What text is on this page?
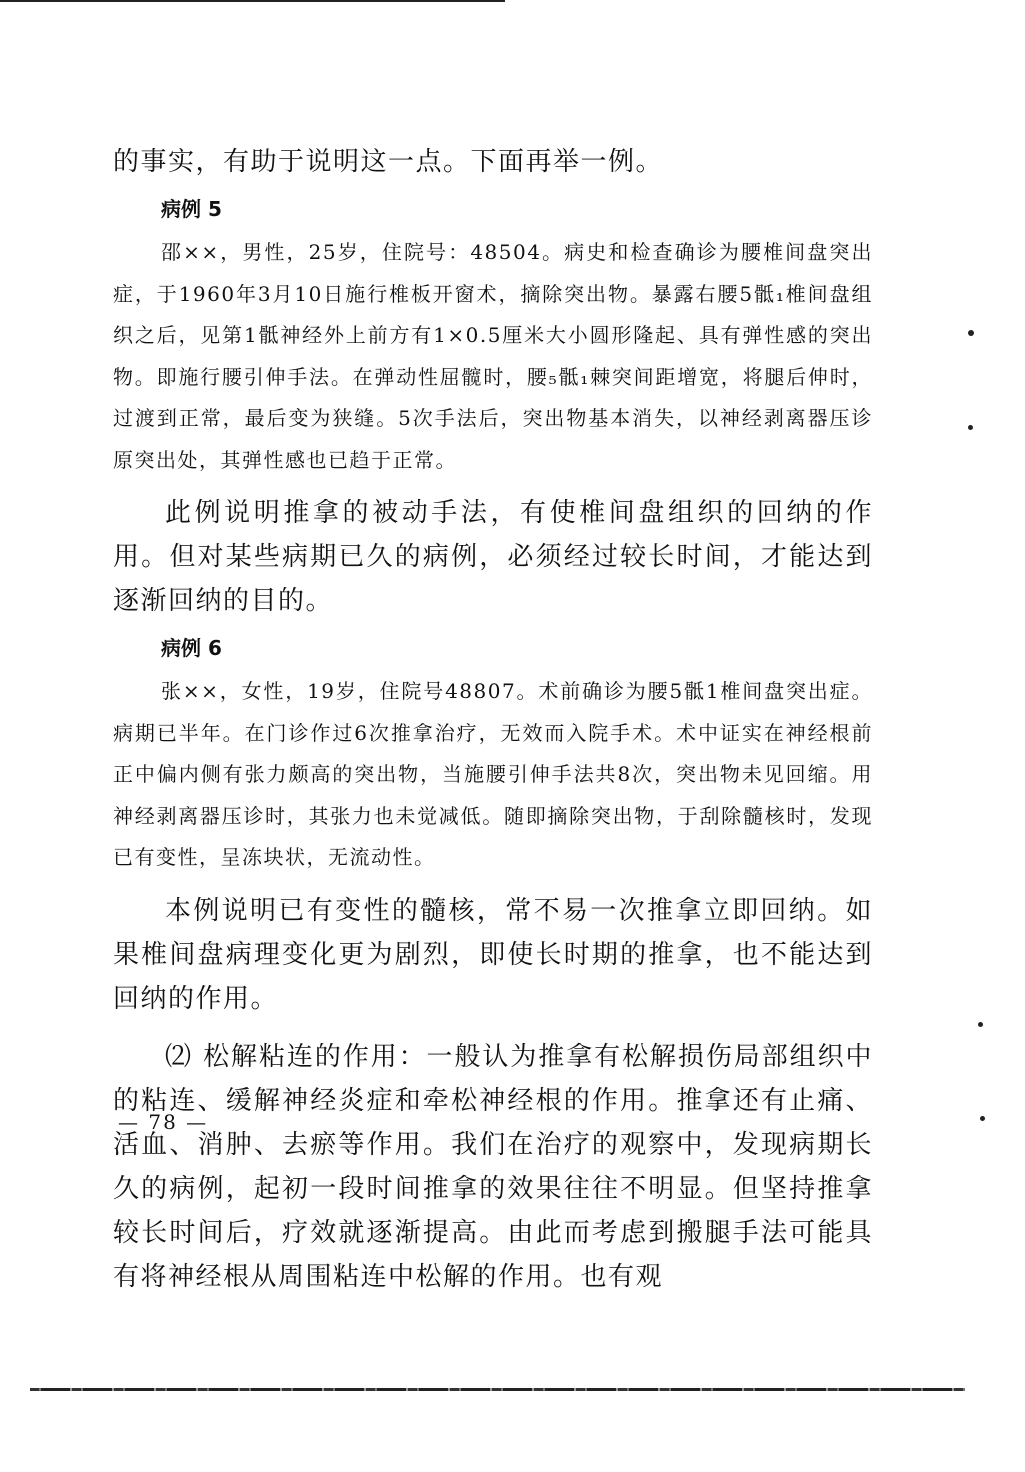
的事实，有助于说明这一点。下面再举一例。

病例 5

邵××，男性，25岁，住院号：48504。病史和检查确诊为腰椎间盘突出症，于1960年3月10日施行椎板开窗术，摘除突出物。暴露右腰5骶₁椎间盘组织之后，见第1骶神经外上前方有1×0.5厘米大小圆形隆起、具有弹性感的突出物。即施行腰引伸手法。在弹动性屈髋时，腰₅骶₁棘突间距增宽，将腿后伸时，过渡到正常，最后变为狭缝。5次手法后，突出物基本消失，以神经剥离器压诊原突出处，其弹性感也已趋于正常。

此例说明推拿的被动手法，有使椎间盘组织的回纳的作用。但对某些病期已久的病例，必须经过较长时间，才能达到逐渐回纳的目的。

病例 6

张××，女性，19岁，住院号48807。术前确诊为腰5骶1椎间盘突出症。病期已半年。在门诊作过6次推拿治疗，无效而入院手术。术中证实在神经根前正中偏内侧有张力颇高的突出物，当施腰引伸手法共8次，突出物未见回缩。用神经剥离器压诊时，其张力也未觉减低。随即摘除突出物，于刮除髓核时，发现已有变性，呈冻块状，无流动性。

本例说明已有变性的髓核，常不易一次推拿立即回纳。如果椎间盘病理变化更为剧烈，即使长时期的推拿，也不能达到回纳的作用。

⑵ 松解粘连的作用：一般认为推拿有松解损伤局部组织中的粘连、缓解神经炎症和牵松神经根的作用。推拿还有止痛、活血、消肿、去瘀等作用。我们在治疗的观察中，发现病期长久的病例，起初一段时间推拿的效果往往不明显。但坚持推拿较长时间后，疗效就逐渐提高。由此而考虑到搬腿手法可能具有将神经根从周围粘连中松解的作用。也有观

— 78 —
